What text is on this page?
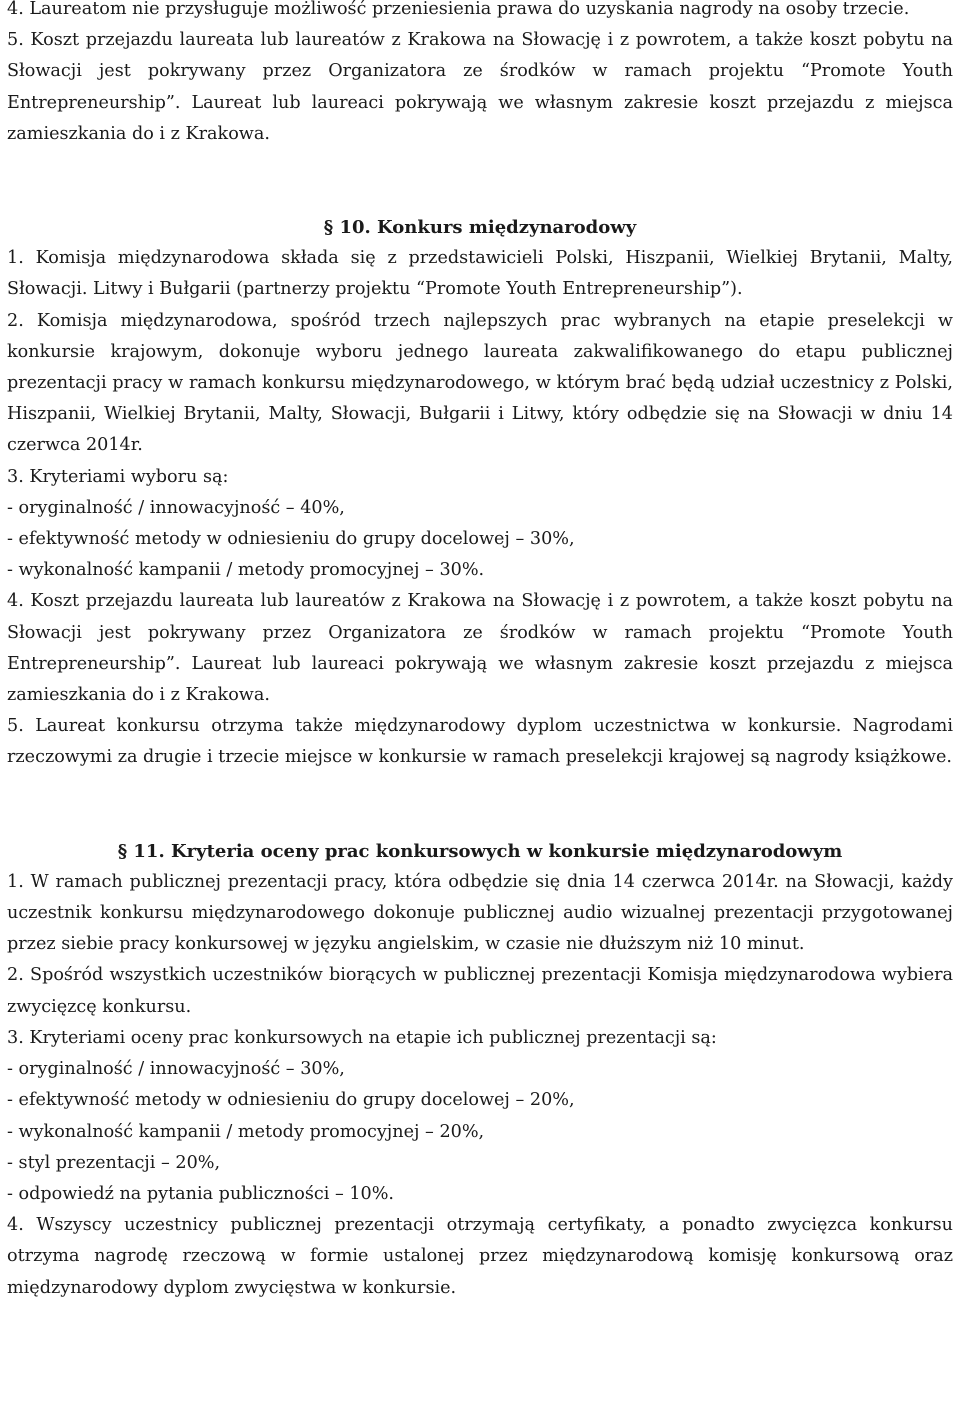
4. Laureatom nie przysługuje możliwość przeniesienia prawa do uzyskania nagrody na osoby trzecie.

5. Koszt przejazdu laureata lub laureatów z Krakowa na Słowację i z powrotem, a także koszt pobytu na Słowacji jest pokrywany przez Organizatora ze środków w ramach projektu “Promote Youth Entrepreneurship”. Laureat lub laureaci pokrywają we własnym zakresie koszt przejazdu z miejsca zamieszkania do i z Krakowa.

§ 10. Konkurs międzynarodowy

1. Komisja międzynarodowa składa się z przedstawicieli Polski, Hiszpanii, Wielkiej Brytanii, Malty, Słowacji. Litwy i Bułgarii (partnerzy projektu “Promote Youth Entrepreneurship”).

2. Komisja międzynarodowa, spośród trzech najlepszych prac wybranych na etapie preselekcji w konkursie krajowym, dokonuje wyboru jednego laureata zakwalifikowanego do etapu publicznej prezentacji pracy w ramach konkursu międzynarodowego, w którym brać będą udział uczestnicy z Polski, Hiszpanii, Wielkiej Brytanii, Malty, Słowacji, Bułgarii i Litwy, który odbędzie się na Słowacji w dniu 14 czerwca 2014r.

3. Kryteriami wyboru są:

- oryginalność / innowacyjność – 40%,

- efektywność metody w odniesieniu do grupy docelowej – 30%,

- wykonalność kampanii / metody promocyjnej – 30%.

4. Koszt przejazdu laureata lub laureatów z Krakowa na Słowację i z powrotem, a także koszt pobytu na Słowacji jest pokrywany przez Organizatora ze środków w ramach projektu “Promote Youth Entrepreneurship”. Laureat lub laureaci pokrywają we własnym zakresie koszt przejazdu z miejsca zamieszkania do i z Krakowa.

5. Laureat konkursu otrzyma także międzynarodowy dyplom uczestnictwa w konkursie. Nagrodami rzeczowymi za drugie i trzecie miejsce w konkursie w ramach preselekcji krajowej są nagrody książkowe.

§ 11. Kryteria oceny prac konkursowych w konkursie międzynarodowym

1. W ramach publicznej prezentacji pracy, która odbędzie się dnia 14 czerwca 2014r. na Słowacji, każdy uczestnik konkursu międzynarodowego dokonuje publicznej audio wizualnej prezentacji przygotowanej przez siebie pracy konkursowej w języku angielskim, w czasie nie dłuższym niż 10 minut.

2. Spośród wszystkich uczestników biorących w publicznej prezentacji Komisja międzynarodowa wybiera zwycięzcę konkursu.

3. Kryteriami oceny prac konkursowych na etapie ich publicznej prezentacji są:

- oryginalność / innowacyjność – 30%,

- efektywność metody w odniesieniu do grupy docelowej – 20%,

- wykonalność kampanii / metody promocyjnej – 20%,

- styl prezentacji – 20%,

- odpowiedź na pytania publiczności – 10%.

4. Wszyscy uczestnicy publicznej prezentacji otrzymają certyfikaty, a ponadto zwycięzca konkursu otrzyma nagrodę rzeczową w formie ustalonej przez międzynarodową komisję konkursową oraz międzynarodowy dyplom zwycięstwa w konkursie.
